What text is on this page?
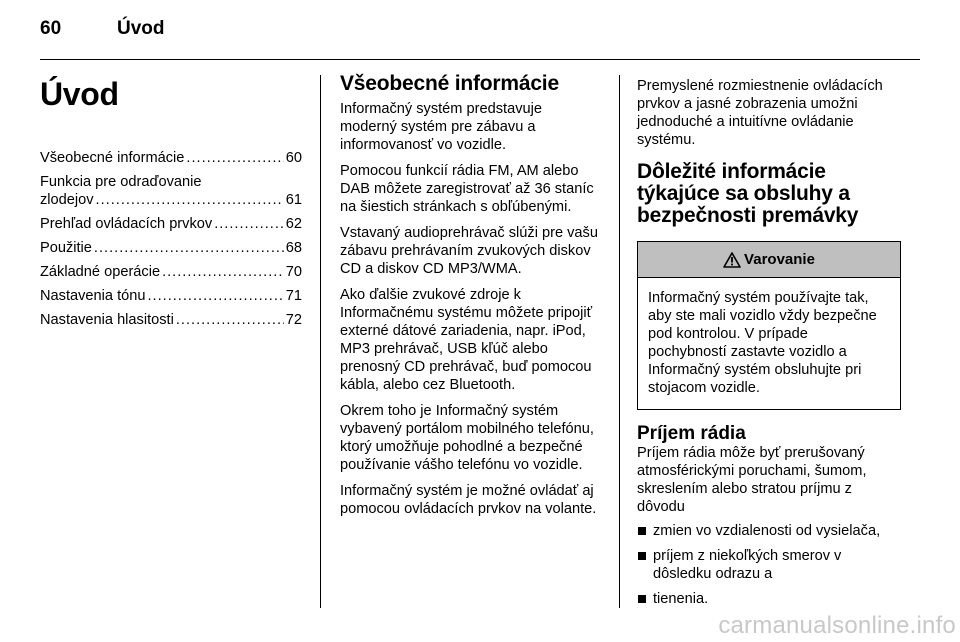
60	Úvod
Úvod
Všeobecné informácie .....	60
Funkcia pre odraďovanie
zlodejov .....	61
Prehľad ovládacích prvkov .....	62
Použitie .....	68
Základné operácie .....	70
Nastavenia tónu .....	71
Nastavenia hlasitosti .....	72
Všeobecné informácie

Informačný systém predstavuje moderný systém pre zábavu a informovanosť vo vozidle.

Pomocou funkcií rádia FM, AM alebo DAB môžete zaregistrovať až 36 staníc na šiestich stránkach s obľúbenými.

Vstavaný audioprehrávač slúži pre vašu zábavu prehrávaním zvukových diskov CD a diskov CD MP3/WMA.

Ako ďalšie zvukové zdroje k Informačnému systému môžete pripojiť externé dátové zariadenia, napr. iPod, MP3 prehrávač, USB kľúč alebo prenosný CD prehrávač, buď pomocou kábla, alebo cez Bluetooth.

Okrem toho je Informačný systém vybavený portálom mobilného telefónu, ktorý umožňuje pohodlné a bezpečné používanie vášho telefónu vo vozidle.

Informačný systém je možné ovládať aj pomocou ovládacích prvkov na volante.

Premyslené rozmiestnenie ovládacích prvkov a jasné zobrazenia umožni jednoduché a intuitívne ovládanie systému.

Dôležité informácie týkajúce sa obsluhy a bezpečnosti premávky
Varovanie
Informačný systém používajte tak, aby ste mali vozidlo vždy bezpečne pod kontrolou. V prípade pochybností zastavte vozidlo a Informačný systém obsluhujte pri stojacom vozidle.
Príjem rádia

Príjem rádia môže byť prerušovaný atmosférickými poruchami, šumom, skreslením alebo stratou príjmu z dôvodu

zmien vo vzdialenosti od vysielača,
príjem z niekoľkých smerov v dôsledku odrazu a
tienenia.
carmanualsonline.info
